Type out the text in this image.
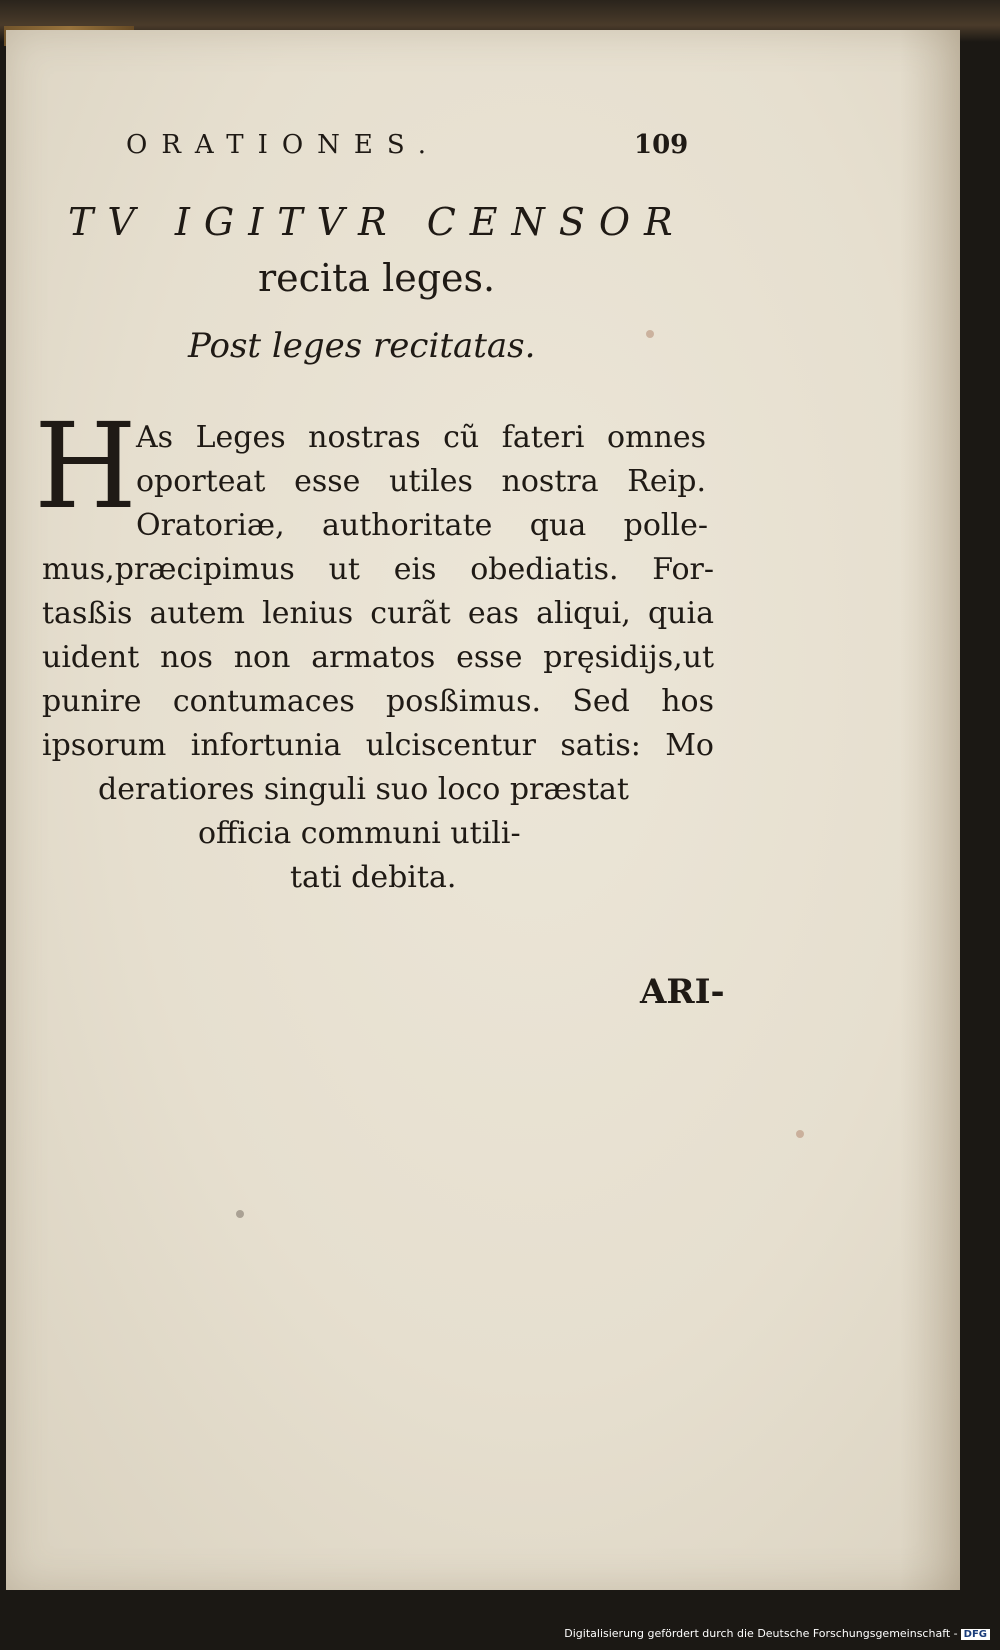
ORATIONES.	109
TV IGITVR CENSOR
recita leges.
Post leges recitatas.
H As Leges nostras cũ fateri omnes
oporteat esse utiles nostra Reip.
Oratoriæ, authoritate qua polle-
mus,præcipimus ut eis obediatis. For-
tasßis autem lenius curãt eas aliqui, quia
uident nos non armatos esse pręsidijs,ut
punire contumaces posßimus. Sed hos
ipsorum infortunia ulciscentur satis: Mo
deratiores singuli suo loco præstat
officia communi utili-
tati debita.
ARI-
Digitalisierung gefördert durch die Deutsche Forschungsgemeinschaft - DFG
